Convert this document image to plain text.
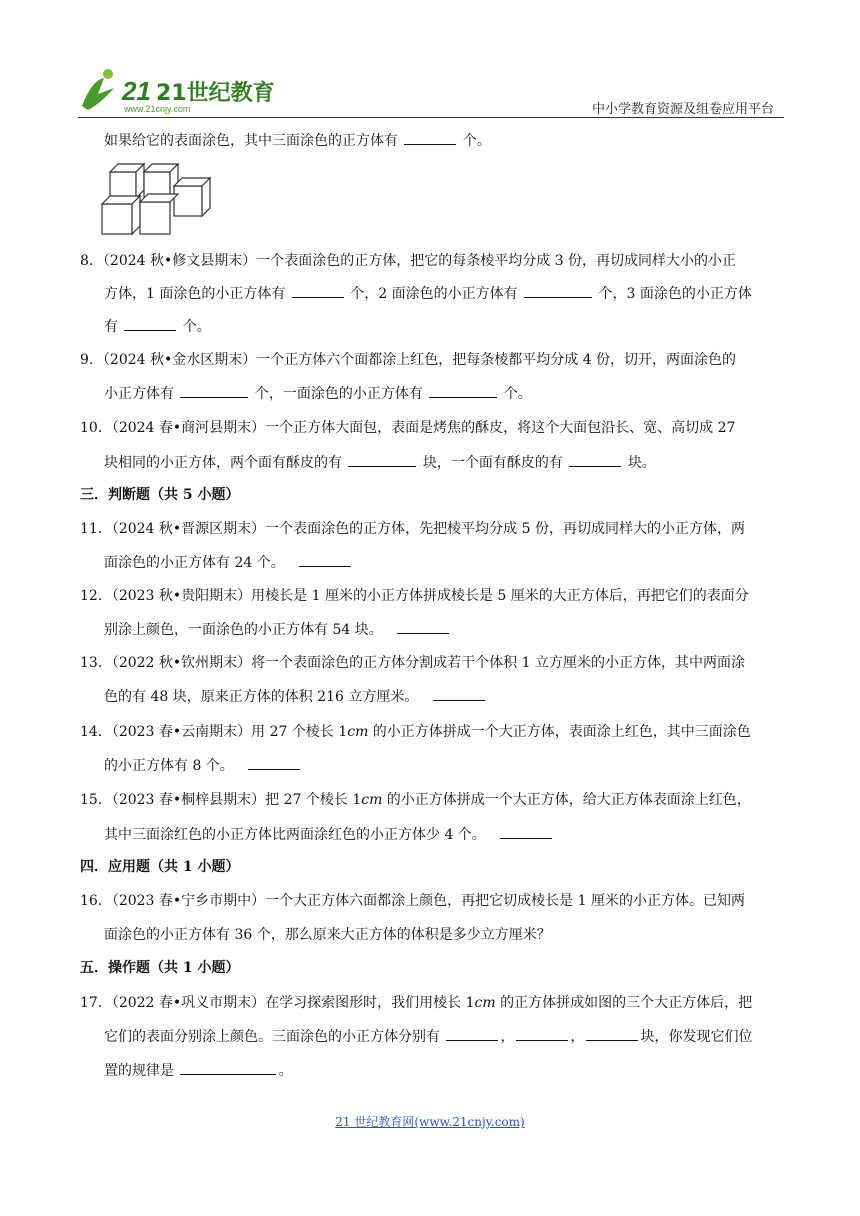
21 21世纪教育
www.21cnjy.com	中小学教育资源及组卷应用平台
如果给它的表面涂色，其中三面涂色的正方体有	个。
8．（2024 秋•修文县期末）一个表面涂色的正方体，把它的每条棱平均分成 3 份，再切成同样大小的小正
方体，1 面涂色的小正方体有	个，2 面涂色的小正方体有	个，3 面涂色的小正方体
有	个。
9．（2024 秋•金水区期末）一个正方体六个面都涂上红色，把每条棱都平均分成 4 份，切开，两面涂色的
小正方体有	个，一面涂色的小正方体有	个。
10．（2024 春•商河县期末）一个正方体大面包，表面是烤焦的酥皮，将这个大面包沿长、宽、高切成 27
块相同的小正方体，两个面有酥皮的有	块，一个面有酥皮的有	块。
三．判断题（共 5 小题）
11．（2024 秋•晋源区期末）一个表面涂色的正方体，先把棱平均分成 5 份，再切成同样大的小正方体，两
面涂色的小正方体有 24 个。
12．（2023 秋•贵阳期末）用棱长是 1 厘米的小正方体拼成棱长是 5 厘米的大正方体后，再把它们的表面分
别涂上颜色，一面涂色的小正方体有 54 块。
13．（2022 秋•钦州期末）将一个表面涂色的正方体分割成若干个体积 1 立方厘米的小正方体，其中两面涂
色的有 48 块，原来正方体的体积 216 立方厘米。
14．（2023 春•云南期末）用 27 个棱长 1cm 的小正方体拼成一个大正方体，表面涂上红色，其中三面涂色
的小正方体有 8 个。
15．（2023 春•桐梓县期末）把 27 个棱长 1cm 的小正方体拼成一个大正方体，给大正方体表面涂上红色，
其中三面涂红色的小正方体比两面涂红色的小正方体少 4 个。
四．应用题（共 1 小题）
16．（2023 春•宁乡市期中）一个大正方体六面都涂上颜色，再把它切成棱长是 1 厘米的小正方体。已知两
面涂色的小正方体有 36 个，那么原来大正方体的体积是多少立方厘米？
五．操作题（共 1 小题）
17．（2022 春•巩义市期末）在学习探索图形时，我们用棱长 1cm 的正方体拼成如图的三个大正方体后，把
它们的表面分别涂上颜色。三面涂色的小正方体分别有	，	，	块，你发现它们位
置的规律是	。
21 世纪教育网(www.21cnjy.com)
